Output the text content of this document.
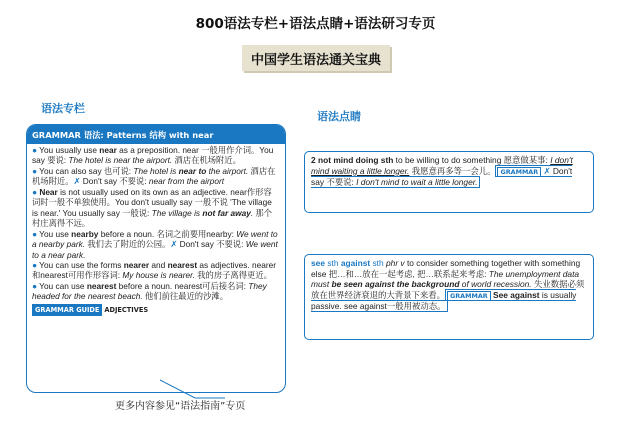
800语法专栏+语法点睛+语法研习专页
中国学生语法通关宝典
语法专栏
语法点睛
GRAMMAR 语法: Patterns 结构 with near

● You usually use near as a preposition. near 一般用作介词。You say 要说: The hotel is near the airport. 酒店在机场附近。

● You can also say 也可说: The hotel is near to the airport. 酒店在机场附近。✗ Don't say 不要说: near from the airport

● Near is not usually used on its own as an adjective. near作形容词时一般不单独使用。You don't usually say 一般不说 'The village is near.' You usually say 一般说: The village is not far away. 那个村庄离得不远。

● You use nearby before a noun. 名词之前要用nearby: We went to a nearby park. 我们去了附近的公园。✗ Don't say 不要说: We went to a near park.

● You can use the forms nearer and nearest as adjectives. nearer和nearest可用作形容词: My house is nearer. 我的房子离得更近。

● You can use nearest before a noun. nearest可后接名词: They headed for the nearest beach. 他们前往最近的沙滩。

GRAMMAR GUIDE ADJECTIVES
更多内容参见“语法指南”专页
2 not mind doing sth to be willing to do something 愿意做某事: I don't mind waiting a little longer. 我愿意再多等一会儿。 GRAMMAR ✗ Don't say 不要说: I don't mind to wait a little longer.
see sth against sth phr v to consider something together with something else 把…和…放在一起考虑, 把…联系起来考虑: The unemployment data must be seen against the background of world recession. 失业数据必须放在世界经济衰退的大背景下来看。 GRAMMAR See against is usually passive. see against一般用被动态。
